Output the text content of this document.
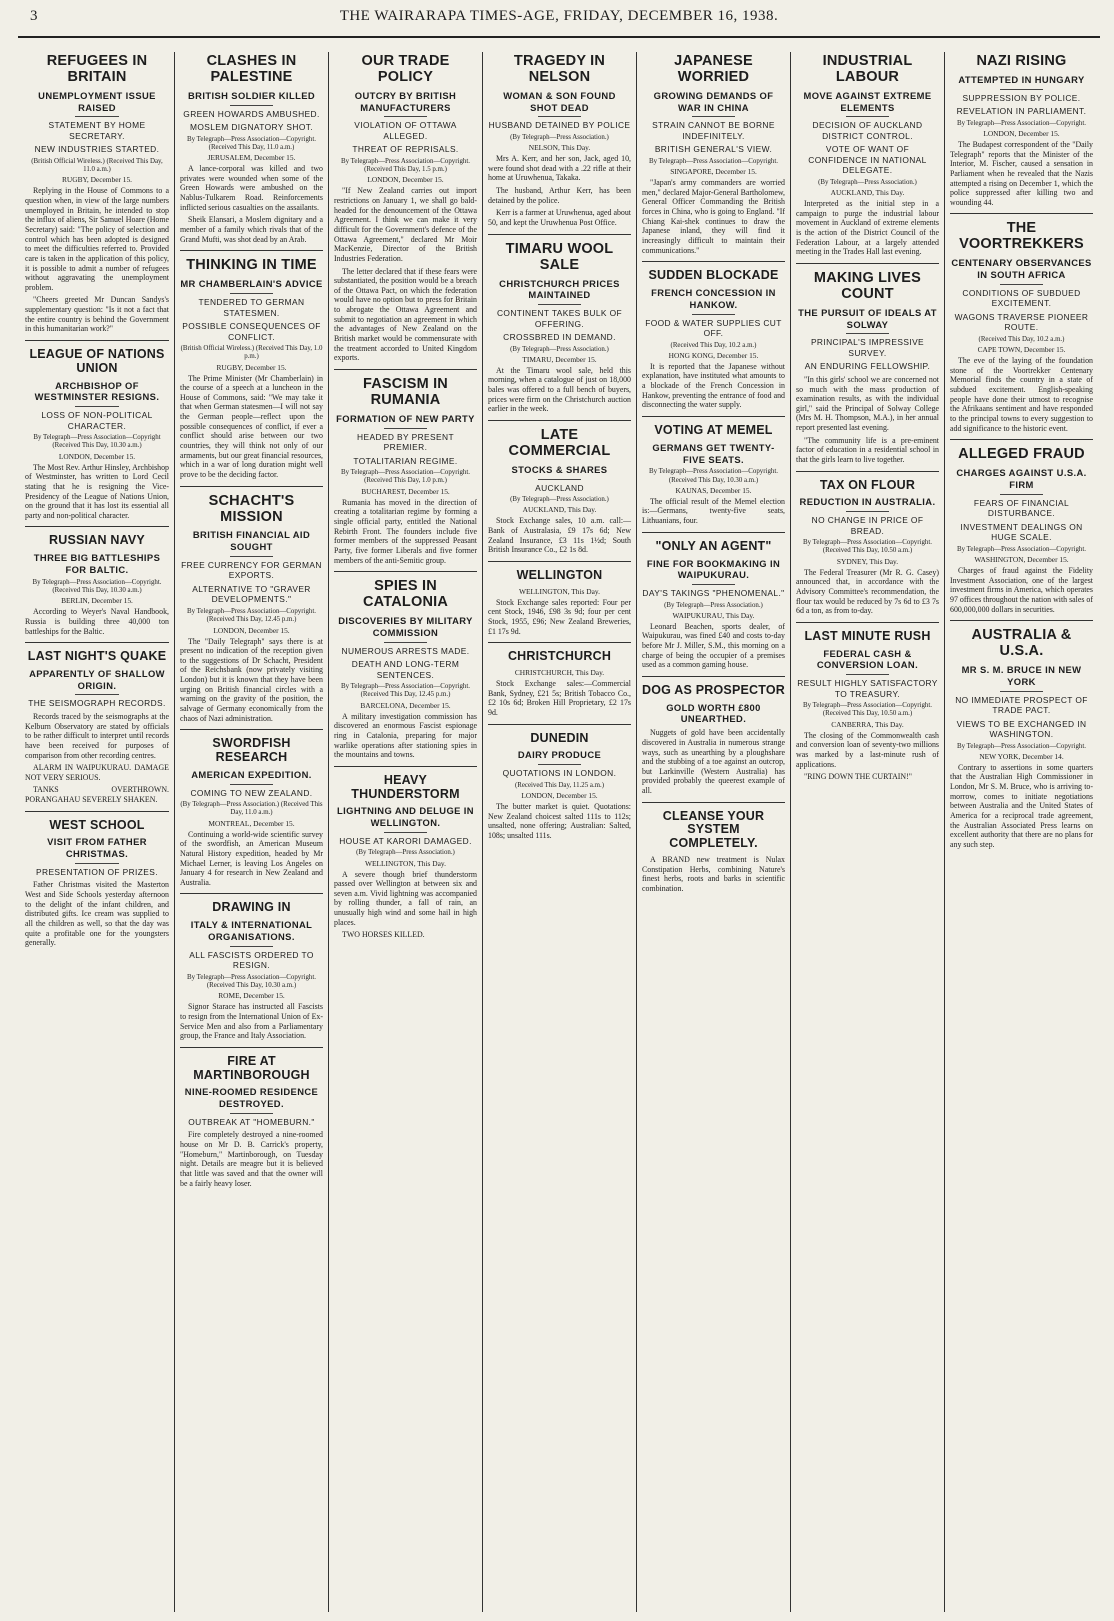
3	THE WAIRARAPA TIMES-AGE, FRIDAY, DECEMBER 16, 1938.
REFUGEES IN BRITAIN
UNEMPLOYMENT ISSUE RAISED
STATEMENT BY HOME SECRETARY.
NEW INDUSTRIES STARTED.
(British Official Wireless.) (Received This Day, 11.0 a.m.)
RUGBY, December 15.

Replying in the House of Commons to a question when, in view of the large numbers unemployed in Britain, he intended to stop the influx of aliens, Sir Samuel Hoare (Home Secretary) said: "The policy of selection and control which has been adopted is designed to meet the difficulties referred to. Provided care is taken in the application of this policy, it is possible to admit a number of refugees without aggravating the unemployment problem.

"Cheers greeted Mr Duncan Sandys's supplementary question: "Is it not a fact that the entire country is behind the Government in this humanitarian work?"

LEAGUE OF NATIONS UNION
ARCHBISHOP OF WESTMINSTER RESIGNS.
LOSS OF NON-POLITICAL CHARACTER.
By Telegraph—Press Association—Copyright (Received This Day, 10.30 a.m.)
LONDON, December 15.

The Most Rev. Arthur Hinsley, Archbishop of Westminster, has written to Lord Cecil stating that he is resigning the Vice-Presidency of the League of Nations Union, on the ground that it has lost its essential all party and non-political character.

RUSSIAN NAVY
THREE BIG BATTLESHIPS FOR BALTIC.
By Telegraph—Press Association—Copyright. (Received This Day, 10.30 a.m.)
BERLIN, December 15.

According to Weyer's Naval Handbook, Russia is building three 40,000 ton battleships for the Baltic.

LAST NIGHT'S QUAKE
APPARENTLY OF SHALLOW ORIGIN.
THE SEISMOGRAPH RECORDS.

Records traced by the seismographs at the Kelburn Observatory are stated by officials to be rather difficult to interpret until records have been received for purposes of comparison from other recording centres.

ALARM IN WAIPUKURAU. DAMAGE NOT VERY SERIOUS.

TANKS OVERTHROWN. PORANGAHAU SEVERELY SHAKEN.

WEST SCHOOL
VISIT FROM FATHER CHRISTMAS.
PRESENTATION OF PRIZES.

Father Christmas visited the Masterton West and Side Schools yesterday afternoon to the delight of the infant children, and distributed gifts. Ice cream was supplied to all the children as well, so that the day was quite a profitable one for the youngsters generally.

CLASHES IN PALESTINE
BRITISH SOLDIER KILLED
GREEN HOWARDS AMBUSHED.
MOSLEM DIGNATORY SHOT.
By Telegraph—Press Association—Copyright. (Received This Day, 11.0 a.m.)
JERUSALEM, December 15.

A lance-corporal was killed and two privates were wounded when some of the Green Howards were ambushed on the Nablus-Tulkarem Road. Reinforcements inflicted serious casualties on the assailants.

Sheik Elansari, a Moslem dignitary and a member of a family which rivals that of the Grand Mufti, was shot dead by an Arab.

THINKING IN TIME
MR CHAMBERLAIN'S ADVICE
TENDERED TO GERMAN STATESMEN.
POSSIBLE CONSEQUENCES OF CONFLICT.
(British Official Wireless.) (Received This Day, 1.0 p.m.)
RUGBY, December 15.

The Prime Minister (Mr Chamberlain) in the course of a speech at a luncheon in the House of Commons, said: "We may take it that when German statesmen—I will not say the German people—reflect upon the possible consequences of conflict, if ever a conflict should arise between our two countries, they will think not only of our armaments, but our great financial resources, which in a war of long duration might well prove to be the deciding factor.

SCHACHT'S MISSION
BRITISH FINANCIAL AID SOUGHT
FREE CURRENCY FOR GERMAN EXPORTS.
ALTERNATIVE TO "GRAVER DEVELOPMENTS."
By Telegraph—Press Association—Copyright. (Received This Day, 12.45 p.m.)
LONDON, December 15.

The "Daily Telegraph" says there is at present no indication of the reception given to the suggestions of Dr Schacht, President of the Reichsbank (now privately visiting London) but it is known that they have been urging on British financial circles with a warning on the gravity of the position, the salvage of Germany economically from the chaos of Nazi administration.

SWORDFISH RESEARCH
AMERICAN EXPEDITION.
COMING TO NEW ZEALAND.
(By Telegraph—Press Association.) (Received This Day, 11.0 a.m.)
MONTREAL, December 15.

Continuing a world-wide scientific survey of the swordfish, an American Museum Natural History expedition, headed by Mr Michael Lerner, is leaving Los Angeles on January 4 for research in New Zealand and Australia.

DRAWING IN
ITALY & INTERNATIONAL ORGANISATIONS.
ALL FASCISTS ORDERED TO RESIGN.
By Telegraph—Press Association—Copyright. (Received This Day, 10.30 a.m.)
ROME, December 15.

Signor Starace has instructed all Fascists to resign from the International Union of Ex-Service Men and also from a Parliamentary group, the France and Italy Association.

FIRE AT MARTINBOROUGH
NINE-ROOMED RESIDENCE DESTROYED.
OUTBREAK AT "HOMEBURN."

Fire completely destroyed a nine-roomed house on Mr D. B. Carrick's property, "Homeburn," Martinborough, on Tuesday night. Details are meagre but it is believed that little was saved and that the owner will be a fairly heavy loser.

OUR TRADE POLICY
OUTCRY BY BRITISH MANUFACTURERS
VIOLATION OF OTTAWA ALLEGED.
THREAT OF REPRISALS.
By Telegraph—Press Association—Copyright. (Received This Day, 1.5 p.m.)
LONDON, December 15.

"If New Zealand carries out import restrictions on January 1, we shall go bald-headed for the denouncement of the Ottawa Agreement. I think we can make it very difficult for the Government's defence of the Ottawa Agreement," declared Mr Moir MacKenzie, Director of the British Industries Federation.

The letter declared that if these fears were substantiated, the position would be a breach of the Ottawa Pact, on which the federation would have no option but to press for Britain to abrogate the Ottawa Agreement and submit to negotiation an agreement in which the advantages of New Zealand on the British market would be commensurate with the treatment accorded to United Kingdom exports.

FASCISM IN RUMANIA
FORMATION OF NEW PARTY
HEADED BY PRESENT PREMIER.
TOTALITARIAN REGIME.
By Telegraph—Press Association—Copyright. (Received This Day, 1.0 p.m.)
BUCHAREST, December 15.

Rumania has moved in the direction of creating a totalitarian regime by forming a single official party, entitled the National Rebirth Front. The founders include five former members of the suppressed Peasant Party, five former Liberals and five former members of the anti-Semitic group.

SPIES IN CATALONIA
DISCOVERIES BY MILITARY COMMISSION
NUMEROUS ARRESTS MADE.
DEATH AND LONG-TERM SENTENCES.
By Telegraph—Press Association—Copyright. (Received This Day, 12.45 p.m.)
BARCELONA, December 15.

A military investigation commission has discovered an enormous Fascist espionage ring in Catalonia, preparing for major warlike operations after stationing spies in the mountains and towns.

HEAVY THUNDERSTORM
LIGHTNING AND DELUGE IN WELLINGTON.
HOUSE AT KARORI DAMAGED.
(By Telegraph—Press Association.)
WELLINGTON, This Day.

A severe though brief thunderstorm passed over Wellington at between six and seven a.m. Vivid lightning was accompanied by rolling thunder, a fall of rain, an unusually high wind and some hail in high places.

TWO HORSES KILLED.

TRAGEDY IN NELSON
WOMAN & SON FOUND SHOT DEAD
HUSBAND DETAINED BY POLICE
(By Telegraph—Press Association.)
NELSON, This Day.

Mrs A. Kerr, and her son, Jack, aged 10, were found shot dead with a .22 rifle at their home at Uruwhenua, Takaka.

The husband, Arthur Kerr, has been detained by the police.

Kerr is a farmer at Uruwhenua, aged about 50, and kept the Uruwhenua Post Office.

TIMARU WOOL SALE
CHRISTCHURCH PRICES MAINTAINED
CONTINENT TAKES BULK OF OFFERING.
CROSSBRED IN DEMAND.
(By Telegraph—Press Association.)
TIMARU, December 15.

At the Timaru wool sale, held this morning, when a catalogue of just on 18,000 bales was offered to a full bench of buyers, prices were firm on the Christchurch auction earlier in the week.

LATE COMMERCIAL
STOCKS & SHARES
AUCKLAND
(By Telegraph—Press Association.)
AUCKLAND, This Day.

Stock Exchange sales, 10 a.m. call:—Bank of Australasia, £9 17s 6d; New Zealand Insurance, £3 11s 1½d; South British Insurance Co., £2 1s 8d.

WELLINGTON
WELLINGTON, This Day.

Stock Exchange sales reported: Four per cent Stock, 1946, £98 3s 9d; four per cent Stock, 1955, £96; New Zealand Breweries, £1 17s 9d.

CHRISTCHURCH
CHRISTCHURCH, This Day.

Stock Exchange sales:—Commercial Bank, Sydney, £21 5s; British Tobacco Co., £2 10s 6d; Broken Hill Proprietary, £2 17s 9d.

DUNEDIN
DAIRY PRODUCE
QUOTATIONS IN LONDON.
(Received This Day, 11.25 a.m.)
LONDON, December 15.

The butter market is quiet. Quotations: New Zealand choicest salted 111s to 112s; unsalted, none offering; Australian: Salted, 108s; unsalted 111s.

JAPANESE WORRIED
GROWING DEMANDS OF WAR IN CHINA
STRAIN CANNOT BE BORNE INDEFINITELY.
BRITISH GENERAL'S VIEW.
By Telegraph—Press Association—Copyright.
SINGAPORE, December 15.

"Japan's army commanders are worried men," declared Major-General Bartholomew, General Officer Commanding the British forces in China, who is going to England. "If Chiang Kai-shek continues to draw the Japanese inland, they will find it increasingly difficult to maintain their communications."

SUDDEN BLOCKADE
FRENCH CONCESSION IN HANKOW.
FOOD & WATER SUPPLIES CUT OFF.
(Received This Day, 10.2 a.m.)
HONG KONG, December 15.

It is reported that the Japanese without explanation, have instituted what amounts to a blockade of the French Concession in Hankow, preventing the entrance of food and disconnecting the water supply.

VOTING AT MEMEL
GERMANS GET TWENTY-FIVE SEATS.
By Telegraph—Press Association—Copyright. (Received This Day, 10.30 a.m.)
KAUNAS, December 15.

The official result of the Memel election is:—Germans, twenty-five seats, Lithuanians, four.

"ONLY AN AGENT"
FINE FOR BOOKMAKING IN WAIPUKURAU.
DAY'S TAKINGS "PHENOMENAL."
(By Telegraph—Press Association.)
WAIPUKURAU, This Day.

Leonard Beachen, sports dealer, of Waipukurau, was fined £40 and costs to-day before Mr J. Miller, S.M., this morning on a charge of being the occupier of a premises used as a common gaming house.

DOG AS PROSPECTOR
GOLD WORTH £800 UNEARTHED.

Nuggets of gold have been accidentally discovered in Australia in numerous strange ways, such as unearthing by a ploughshare and the stubbing of a toe against an outcrop, but Larkinville (Western Australia) has provided probably the queerest example of all.

CLEANSE YOUR SYSTEM COMPLETELY.

A BRAND new treatment is Nulax Constipation Herbs, combining Nature's finest herbs, roots and barks in scientific combination.

INDUSTRIAL LABOUR
MOVE AGAINST EXTREME ELEMENTS
DECISION OF AUCKLAND DISTRICT CONTROL.
VOTE OF WANT OF CONFIDENCE IN NATIONAL DELEGATE.
(By Telegraph—Press Association.)
AUCKLAND, This Day.

Interpreted as the initial step in a campaign to purge the industrial labour movement in Auckland of extreme elements is the action of the District Council of the Federation Labour, at a largely attended meeting in the Trades Hall last evening.

MAKING LIVES COUNT
THE PURSUIT OF IDEALS AT SOLWAY
PRINCIPAL'S IMPRESSIVE SURVEY.
AN ENDURING FELLOWSHIP.

"In this girls' school we are concerned not so much with the mass production of examination results, as with the individual girl," said the Principal of Solway College (Mrs M. H. Thompson, M.A.), in her annual report presented last evening.

"The community life is a pre-eminent factor of education in a residential school in that the girls learn to live together.

TAX ON FLOUR
REDUCTION IN AUSTRALIA.
NO CHANGE IN PRICE OF BREAD.
By Telegraph—Press Association—Copyright. (Received This Day, 10.50 a.m.)
SYDNEY, This Day.

The Federal Treasurer (Mr R. G. Casey) announced that, in accordance with the Advisory Committee's recommendation, the flour tax would be reduced by 7s 6d to £3 7s 6d a ton, as from to-day.

LAST MINUTE RUSH
FEDERAL CASH & CONVERSION LOAN.
RESULT HIGHLY SATISFACTORY TO TREASURY.
By Telegraph—Press Association—Copyright. (Received This Day, 10.50 a.m.)
CANBERRA, This Day.

The closing of the Commonwealth cash and conversion loan of seventy-two millions was marked by a last-minute rush of applications.

"RING DOWN THE CURTAIN!"

NAZI RISING
ATTEMPTED IN HUNGARY
SUPPRESSION BY POLICE.
REVELATION IN PARLIAMENT.
By Telegraph—Press Association—Copyright.
LONDON, December 15.

The Budapest correspondent of the "Daily Telegraph" reports that the Minister of the Interior, M. Fischer, caused a sensation in Parliament when he revealed that the Nazis attempted a rising on December 1, which the police suppressed after killing two and wounding 44.

THE VOORTREKKERS
CENTENARY OBSERVANCES IN SOUTH AFRICA
CONDITIONS OF SUBDUED EXCITEMENT.
WAGONS TRAVERSE PIONEER ROUTE.
(Received This Day, 10.2 a.m.)
CAPE TOWN, December 15.

The eve of the laying of the foundation stone of the Voortrekker Centenary Memorial finds the country in a state of subdued excitement. English-speaking people have done their utmost to recognise the Afrikaans sentiment and have responded to the principal towns to every suggestion to add significance to the historic event.

ALLEGED FRAUD
CHARGES AGAINST U.S.A. FIRM
FEARS OF FINANCIAL DISTURBANCE.
INVESTMENT DEALINGS ON HUGE SCALE.
By Telegraph—Press Association—Copyright.
WASHINGTON, December 15.

Charges of fraud against the Fidelity Investment Association, one of the largest investment firms in America, which operates 97 offices throughout the nation with sales of 600,000,000 dollars in securities.

AUSTRALIA & U.S.A.
MR S. M. BRUCE IN NEW YORK
NO IMMEDIATE PROSPECT OF TRADE PACT.
VIEWS TO BE EXCHANGED IN WASHINGTON.
By Telegraph—Press Association—Copyright.
NEW YORK, December 14.

Contrary to assertions in some quarters that the Australian High Commissioner in London, Mr S. M. Bruce, who is arriving to-morrow, comes to initiate negotiations between Australia and the United States of America for a reciprocal trade agreement, the Australian Associated Press learns on excellent authority that there are no plans for any such step.
